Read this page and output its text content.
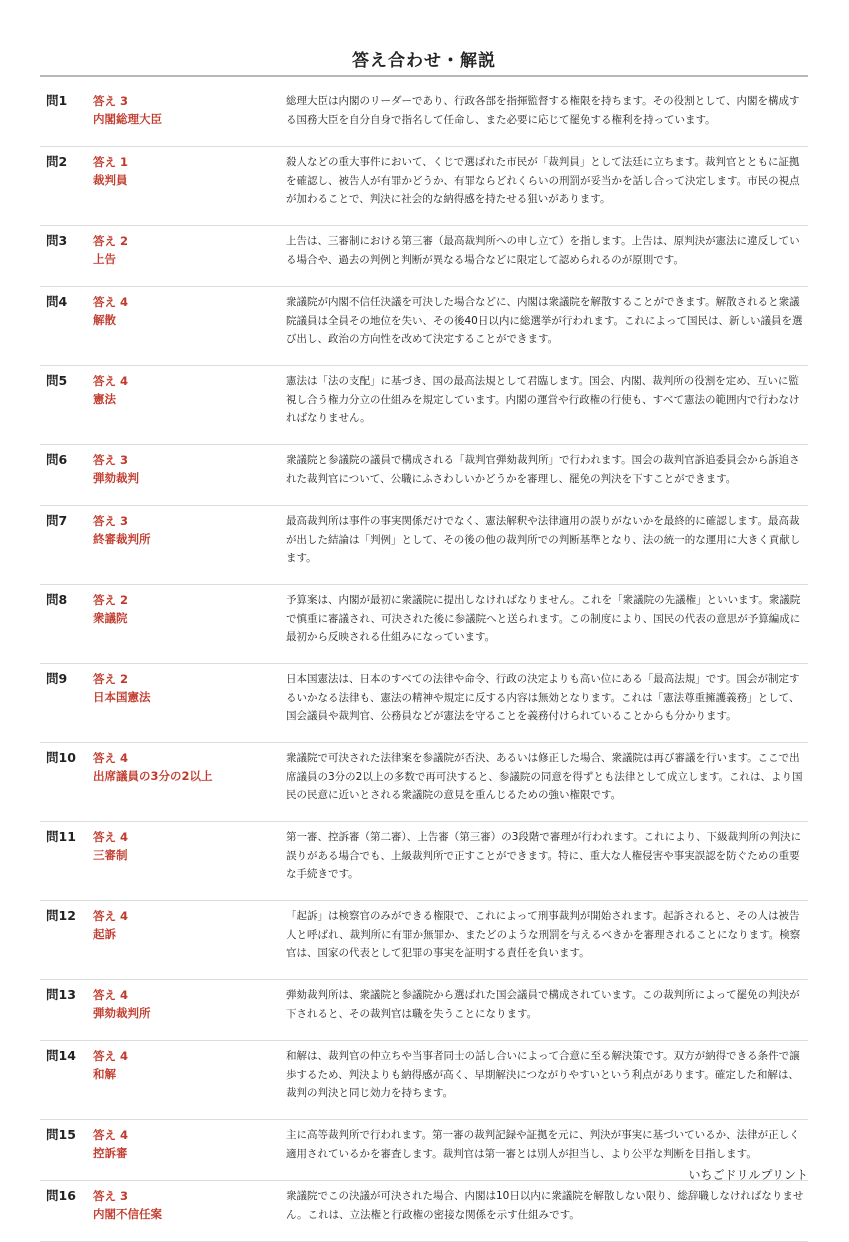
答え合わせ・解説
問1	答え 3
内閣総理大臣
総理大臣は内閣のリーダーであり、行政各部を指揮監督する権限を持ちます。その役割として、内閣を構成する国務大臣を自分自身で指名して任命し、また必要に応じて罷免する権利を持っています。
問2	答え 1
裁判員
殺人などの重大事件において、くじで選ばれた市民が「裁判員」として法廷に立ちます。裁判官とともに証拠を確認し、被告人が有罪かどうか、有罪ならどれくらいの刑罰が妥当かを話し合って決定します。市民の視点が加わることで、判決に社会的な納得感を持たせる狙いがあります。
問3	答え 2
上告
上告は、三審制における第三審（最高裁判所への申し立て）を指します。上告は、原判決が憲法に違反している場合や、過去の判例と判断が異なる場合などに限定して認められるのが原則です。
問4	答え 4
解散
衆議院が内閣不信任決議を可決した場合などに、内閣は衆議院を解散することができます。解散されると衆議院議員は全員その地位を失い、その後40日以内に総選挙が行われます。これによって国民は、新しい議員を選び出し、政治の方向性を改めて決定することができます。
問5	答え 4
憲法
憲法は「法の支配」に基づき、国の最高法規として君臨します。国会、内閣、裁判所の役割を定め、互いに監視し合う権力分立の仕組みを規定しています。内閣の運営や行政権の行使も、すべて憲法の範囲内で行わなければなりません。
問6	答え 3
弾劾裁判
衆議院と参議院の議員で構成される「裁判官弾劾裁判所」で行われます。国会の裁判官訴追委員会から訴追された裁判官について、公職にふさわしいかどうかを審理し、罷免の判決を下すことができます。
問7	答え 3
終審裁判所
最高裁判所は事件の事実関係だけでなく、憲法解釈や法律適用の誤りがないかを最終的に確認します。最高裁が出した結論は「判例」として、その後の他の裁判所での判断基準となり、法の統一的な運用に大きく貢献します。
問8	答え 2
衆議院
予算案は、内閣が最初に衆議院に提出しなければなりません。これを「衆議院の先議権」といいます。衆議院で慎重に審議され、可決された後に参議院へと送られます。この制度により、国民の代表の意思が予算編成に最初から反映される仕組みになっています。
問9	答え 2
日本国憲法
日本国憲法は、日本のすべての法律や命令、行政の決定よりも高い位にある「最高法規」です。国会が制定するいかなる法律も、憲法の精神や規定に反する内容は無効となります。これは「憲法尊重擁護義務」として、国会議員や裁判官、公務員などが憲法を守ることを義務付けられていることからも分かります。
問10	答え 4
出席議員の3分の2以上
衆議院で可決された法律案を参議院が否決、あるいは修正した場合、衆議院は再び審議を行います。ここで出席議員の3分の2以上の多数で再可決すると、参議院の同意を得ずとも法律として成立します。これは、より国民の民意に近いとされる衆議院の意見を重んじるための強い権限です。
問11	答え 4
三審制
第一審、控訴審（第二審）、上告審（第三審）の3段階で審理が行われます。これにより、下級裁判所の判決に誤りがある場合でも、上級裁判所で正すことができます。特に、重大な人権侵害や事実誤認を防ぐための重要な手続きです。
問12	答え 4
起訴
「起訴」は検察官のみができる権限で、これによって刑事裁判が開始されます。起訴されると、その人は被告人と呼ばれ、裁判所に有罪か無罪か、またどのような刑罰を与えるべきかを審理されることになります。検察官は、国家の代表として犯罪の事実を証明する責任を負います。
問13	答え 4
弾劾裁判所
弾劾裁判所は、衆議院と参議院から選ばれた国会議員で構成されています。この裁判所によって罷免の判決が下されると、その裁判官は職を失うことになります。
問14	答え 4
和解
和解は、裁判官の仲立ちや当事者同士の話し合いによって合意に至る解決策です。双方が納得できる条件で譲歩するため、判決よりも納得感が高く、早期解決につながりやすいという利点があります。確定した和解は、裁判の判決と同じ効力を持ちます。
問15	答え 4
控訴審
主に高等裁判所で行われます。第一審の裁判記録や証拠を元に、判決が事実に基づいているか、法律が正しく適用されているかを審査します。裁判官は第一審とは別人が担当し、より公平な判断を目指します。
問16	答え 3
内閣不信任案
衆議院でこの決議が可決された場合、内閣は10日以内に衆議院を解散しない限り、総辞職しなければなりません。これは、立法権と行政権の密接な関係を示す仕組みです。
いちごドリルプリント
